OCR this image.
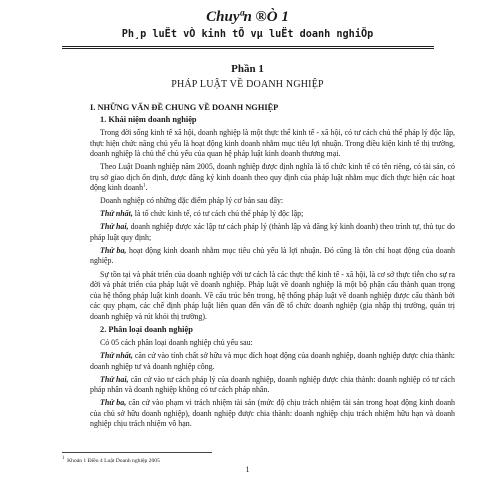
Chuyªn ®Ò 1
Ph¸p luËt vÒ kinh tÕ vµ luËt doanh nghiÖp
Phần 1
PHÁP LUẬT VỀ DOANH NGHIỆP
I. NHỮNG VẤN ĐỀ CHUNG VỀ DOANH NGHIỆP
1. Khái niệm doanh nghiệp

Trong đời sống kinh tế xã hội, doanh nghiệp là một thực thể kinh tế - xã hội, có tư cách chủ thể pháp lý độc lập, thực hiện chức năng chủ yếu là hoạt động kinh doanh nhằm mục tiêu lợi nhuận. Trong điều kiện kinh tế thị trường, doanh nghiệp là chủ thể chủ yếu của quan hệ pháp luật kinh doanh thương mại.

Theo Luật Doanh nghiệp năm 2005, doanh nghiệp được định nghĩa là tổ chức kinh tế có tên riêng, có tài sản, có trụ sở giao dịch ổn định, được đăng ký kinh doanh theo quy định của pháp luật nhằm mục đích thực hiện các hoạt động kinh doanh$^1$.

Doanh nghiệp có những đặc điểm pháp lý cơ bản sau đây:

Thứ nhất, là tổ chức kinh tế, có tư cách chủ thể pháp lý độc lập;

Thứ hai, doanh nghiệp được xác lập tư cách pháp lý (thành lập và đăng ký kinh doanh) theo trình tự, thủ tục do pháp luật quy định;

Thứ ba, hoạt động kinh doanh nhằm mục tiêu chủ yếu là lợi nhuận. Đó cũng là tôn chỉ hoạt động của doanh nghiệp.

Sự tồn tại và phát triển của doanh nghiệp với tư cách là các thực thể kinh tế - xã hội, là cơ sở thực tiễn cho sự ra đời và phát triển của pháp luật về doanh nghiệp. Pháp luật về doanh nghiệp là một bộ phận cấu thành quan trọng của hệ thống pháp luật kinh doanh. Về cấu trúc bên trong, hệ thống pháp luật về doanh nghiệp được cấu thành bởi các quy phạm, các chế định pháp luật liên quan đến vấn đề tổ chức doanh nghiệp (gia nhập thị trường, quản trị doanh nghiệp và rút khỏi thị trường).

2. Phân loại doanh nghiệp

Có 05 cách phân loại doanh nghiệp chủ yếu sau:

Thứ nhất, căn cứ vào tính chất sở hữu và mục đích hoạt động của doanh nghiệp, doanh nghiệp được chia thành: doanh nghiệp tư và doanh nghiệp công.

Thứ hai, căn cứ vào tư cách pháp lý của doanh nghiệp, doanh nghiệp được chia thành: doanh nghiệp có tư cách pháp nhân và doanh nghiệp không có tư cách pháp nhân.

Thứ ba, căn cứ vào phạm vi trách nhiệm tài sản (mức độ chịu trách nhiệm tài sản trong hoạt động kinh doanh của chủ sở hữu doanh nghiệp), doanh nghiệp được chia thành: doanh nghiệp chịu trách nhiệm hữu hạn và doanh nghiệp chịu trách nhiệm vô hạn.

$^1$ Khoản 1 Điều 4 Luật Doanh nghiệp 2005
1
